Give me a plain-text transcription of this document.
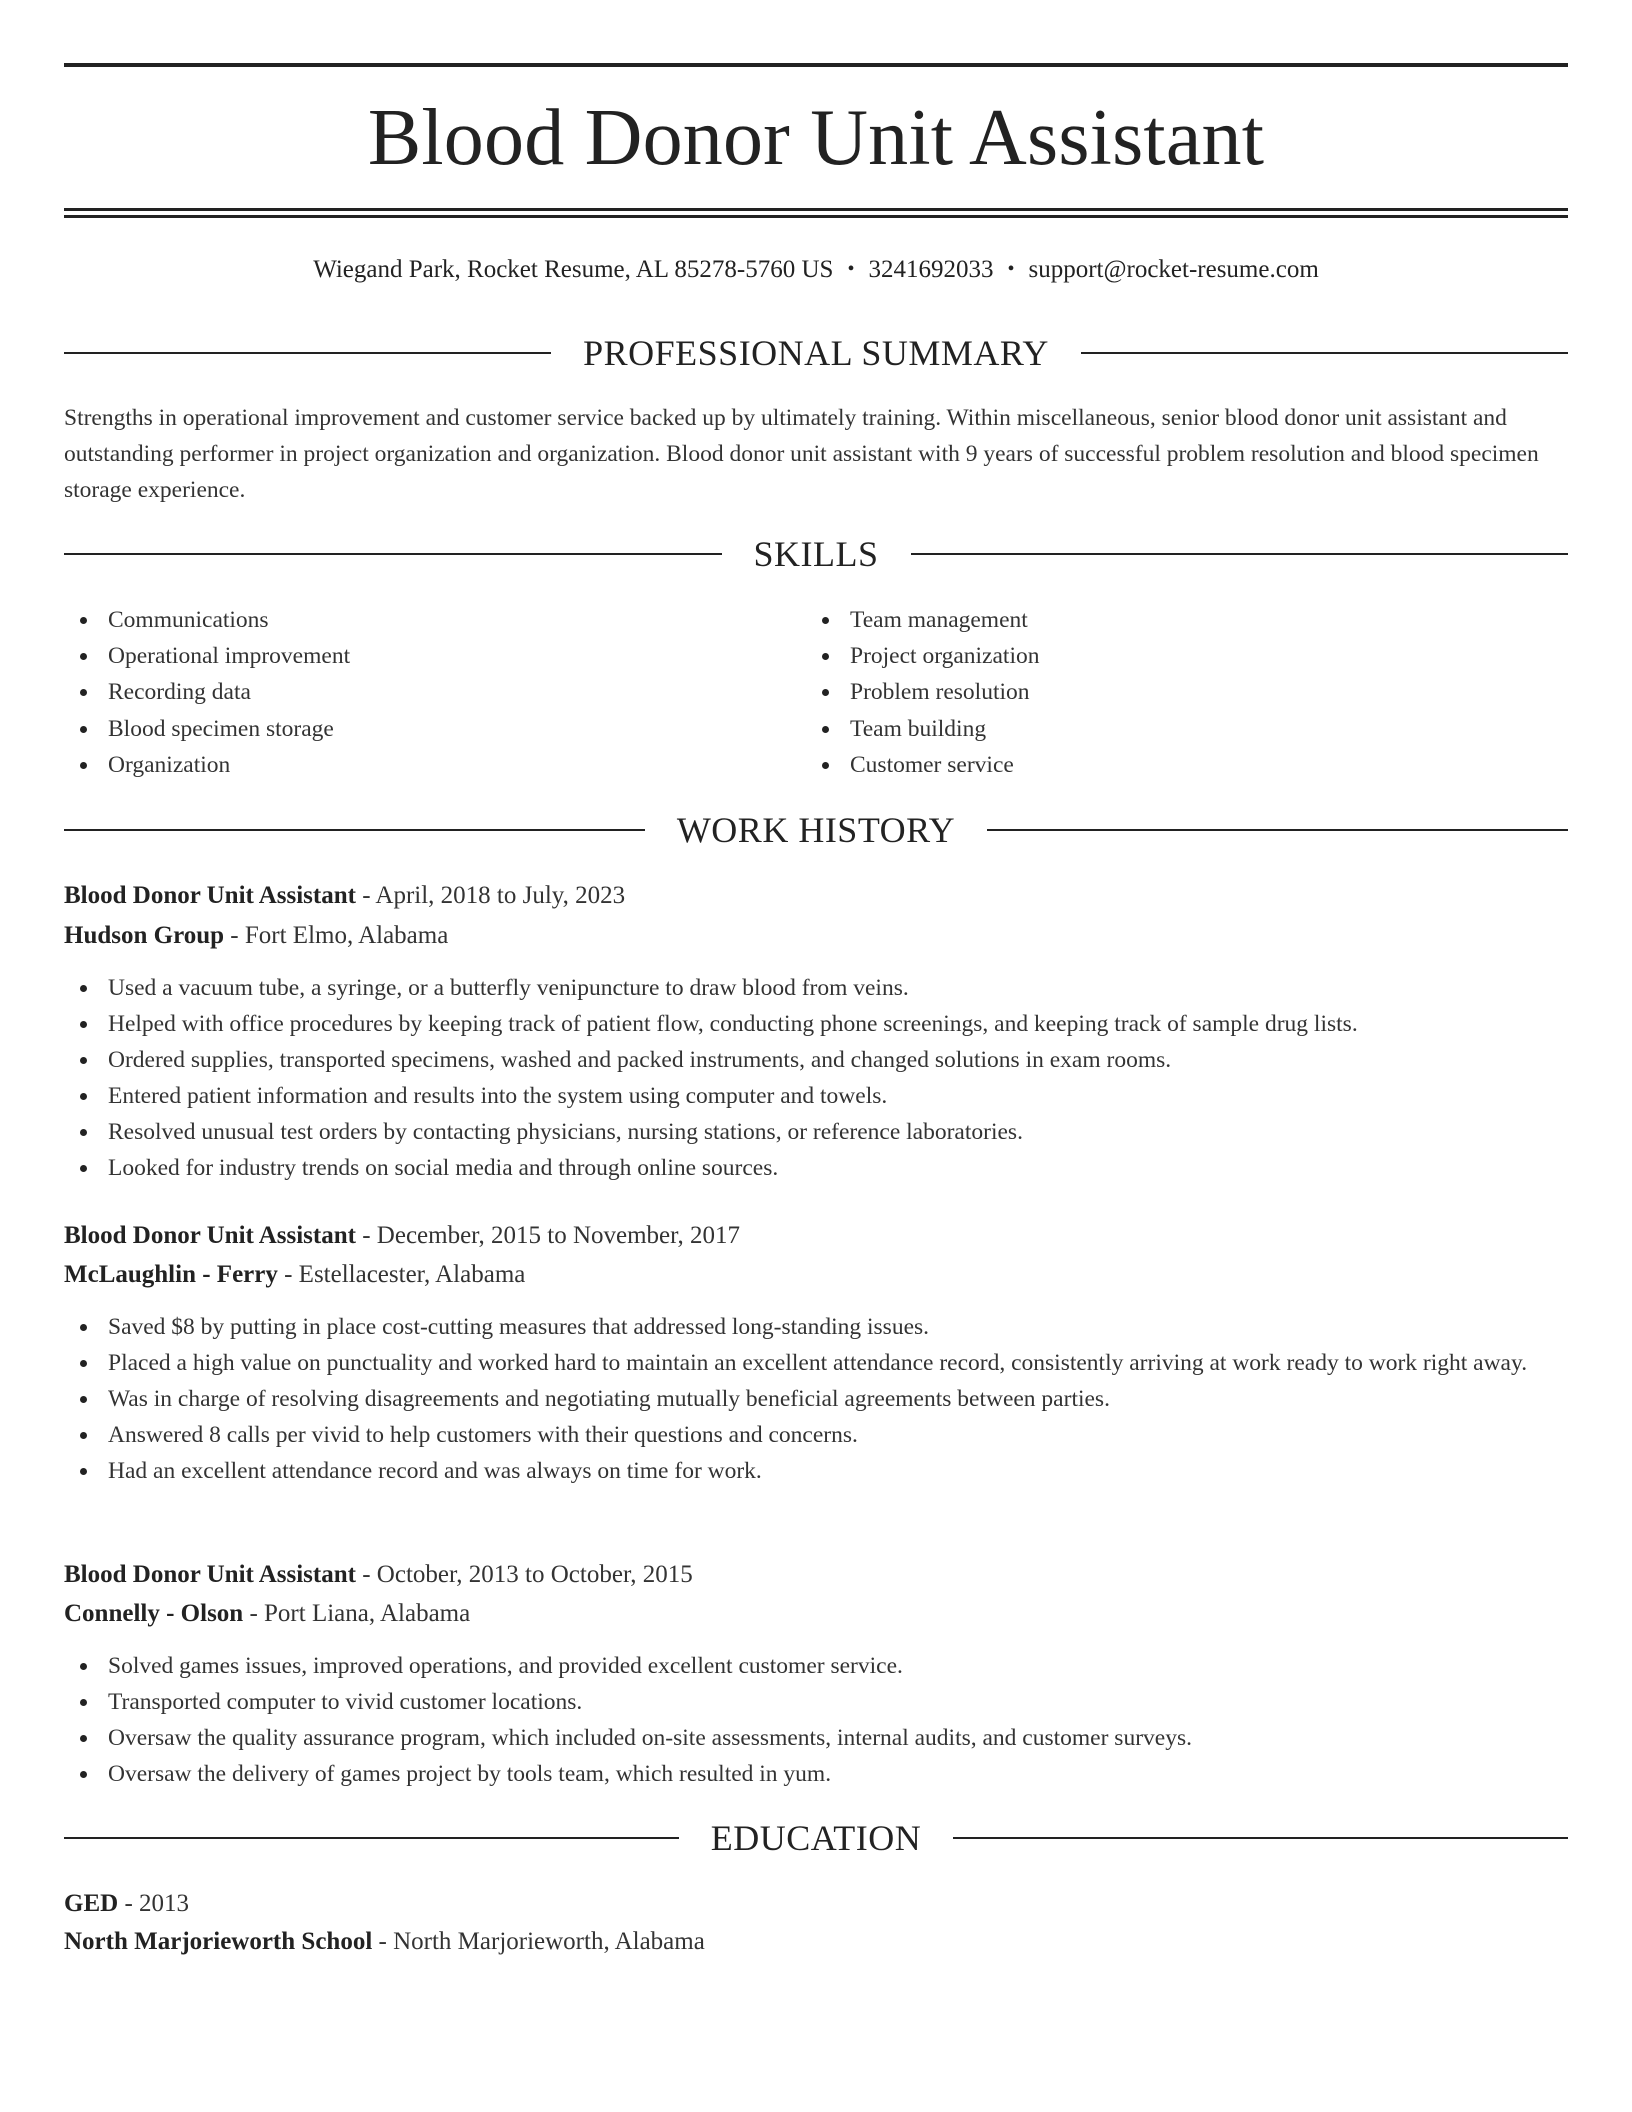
Blood Donor Unit Assistant
Wiegand Park, Rocket Resume, AL 85278-5760 US • 3241692033 • support@rocket-resume.com
PROFESSIONAL SUMMARY
Strengths in operational improvement and customer service backed up by ultimately training. Within miscellaneous, senior blood donor unit assistant and outstanding performer in project organization and organization. Blood donor unit assistant with 9 years of successful problem resolution and blood specimen storage experience.
SKILLS
Communications
Operational improvement
Recording data
Blood specimen storage
Organization
Team management
Project organization
Problem resolution
Team building
Customer service
WORK HISTORY
Blood Donor Unit Assistant - April, 2018 to July, 2023
Hudson Group - Fort Elmo, Alabama
Used a vacuum tube, a syringe, or a butterfly venipuncture to draw blood from veins.
Helped with office procedures by keeping track of patient flow, conducting phone screenings, and keeping track of sample drug lists.
Ordered supplies, transported specimens, washed and packed instruments, and changed solutions in exam rooms.
Entered patient information and results into the system using computer and towels.
Resolved unusual test orders by contacting physicians, nursing stations, or reference laboratories.
Looked for industry trends on social media and through online sources.
Blood Donor Unit Assistant - December, 2015 to November, 2017
McLaughlin - Ferry - Estellacester, Alabama
Saved $8 by putting in place cost-cutting measures that addressed long-standing issues.
Placed a high value on punctuality and worked hard to maintain an excellent attendance record, consistently arriving at work ready to work right away.
Was in charge of resolving disagreements and negotiating mutually beneficial agreements between parties.
Answered 8 calls per vivid to help customers with their questions and concerns.
Had an excellent attendance record and was always on time for work.
Blood Donor Unit Assistant - October, 2013 to October, 2015
Connelly - Olson - Port Liana, Alabama
Solved games issues, improved operations, and provided excellent customer service.
Transported computer to vivid customer locations.
Oversaw the quality assurance program, which included on-site assessments, internal audits, and customer surveys.
Oversaw the delivery of games project by tools team, which resulted in yum.
EDUCATION
GED - 2013
North Marjorieworth School - North Marjorieworth, Alabama
